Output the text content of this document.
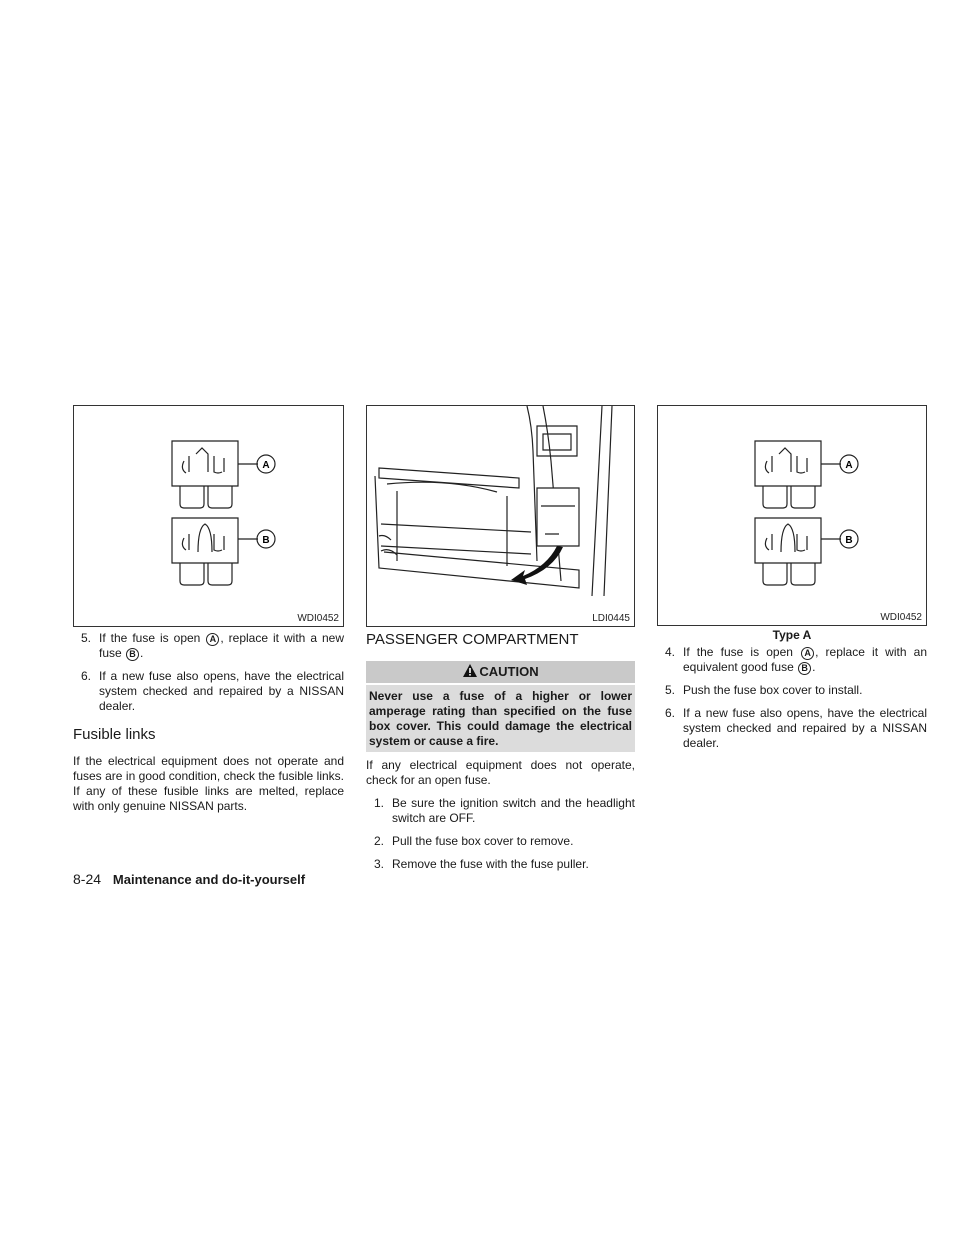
A
B
WDI0452	LDI0445
A
B
WDI0452
5. If the fuse is open A , replace it with a new fuse B .
6. If a new fuse also opens, have the electrical system checked and repaired by a NISSAN dealer.
Fusible links
If the electrical equipment does not operate and fuses are in good condition, check the fusible links. If any of these fusible links are melted, replace with only genuine NISSAN parts.
PASSENGER COMPARTMENT
CAUTION
Never use a fuse of a higher or lower amperage rating than specified on the fuse box cover. This could damage the electrical system or cause a fire.
If any electrical equipment does not operate, check for an open fuse.
1. Be sure the ignition switch and the headlight switch are OFF.
2. Pull the fuse box cover to remove.
3. Remove the fuse with the fuse puller.
Type A
4. If the fuse is open A , replace it with an equivalent good fuse B .
5. Push the fuse box cover to install.
6. If a new fuse also opens, have the electrical system checked and repaired by a NISSAN dealer.
8-24 Maintenance and do-it-yourself
